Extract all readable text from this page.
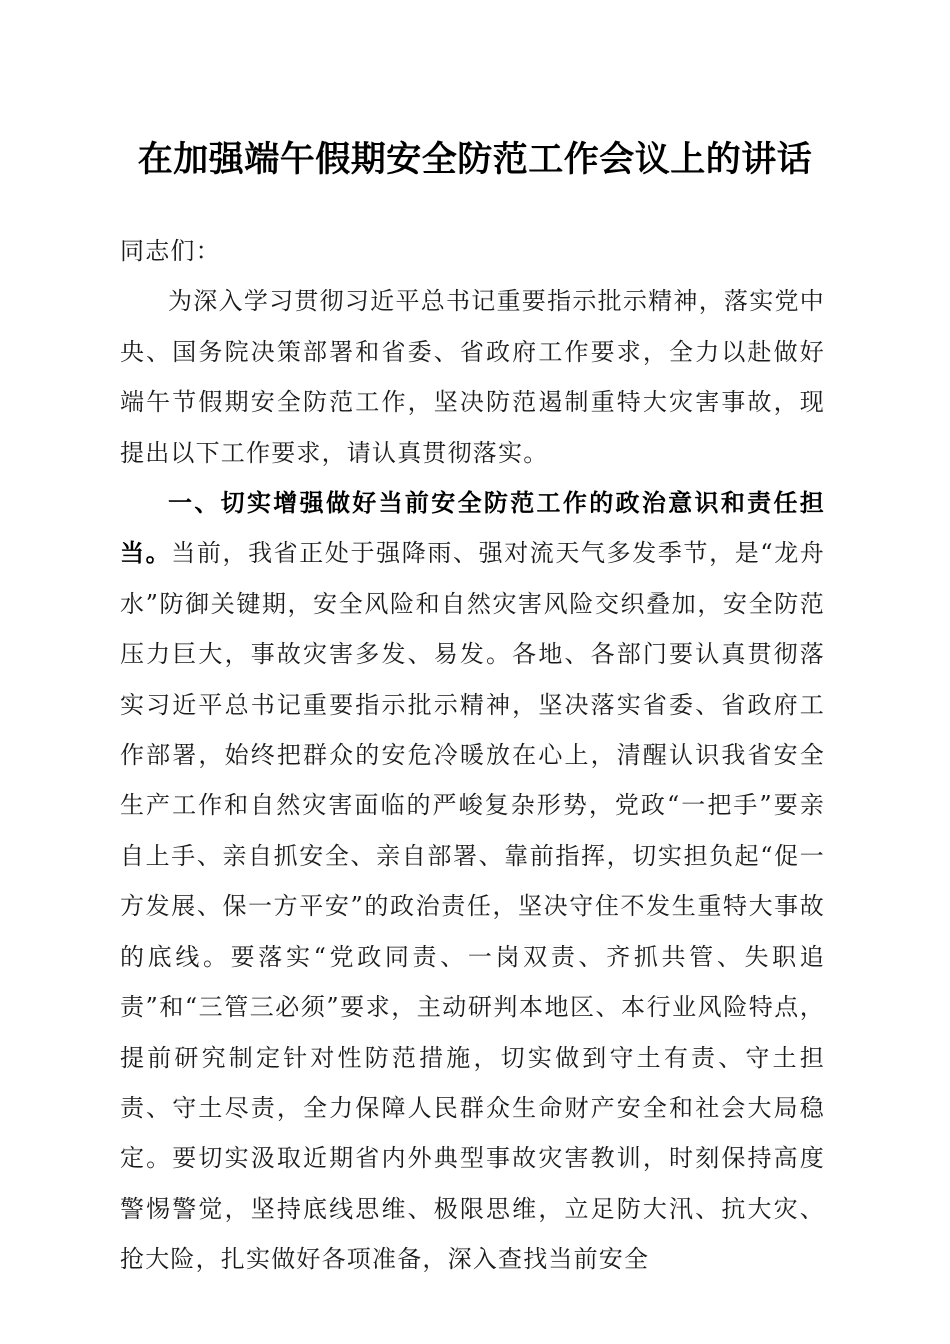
在加强端午假期安全防范工作会议上的讲话

同志们：

为深入学习贯彻习近平总书记重要指示批示精神，落实党中央、国务院决策部署和省委、省政府工作要求，全力以赴做好端午节假期安全防范工作，坚决防范遏制重特大灾害事故，现提出以下工作要求，请认真贯彻落实。

一、切实增强做好当前安全防范工作的政治意识和责任担当。当前，我省正处于强降雨、强对流天气多发季节，是“龙舟水”防御关键期，安全风险和自然灾害风险交织叠加，安全防范压力巨大，事故灾害多发、易发。各地、各部门要认真贯彻落实习近平总书记重要指示批示精神，坚决落实省委、省政府工作部署，始终把群众的安危冷暖放在心上，清醒认识我省安全生产工作和自然灾害面临的严峻复杂形势，党政“一把手”要亲自上手、亲自抓安全、亲自部署、靠前指挥，切实担负起“促一方发展、保一方平安”的政治责任，坚决守住不发生重特大事故的底线。要落实“党政同责、一岗双责、齐抓共管、失职追责”和“三管三必须”要求，主动研判本地区、本行业风险特点，提前研究制定针对性防范措施，切实做到守土有责、守土担责、守土尽责，全力保障人民群众生命财产安全和社会大局稳定。要切实汲取近期省内外典型事故灾害教训，时刻保持高度警惕警觉，坚持底线思维、极限思维，立足防大汛、抗大灾、抢大险，扎实做好各项准备，深入查找当前安全
